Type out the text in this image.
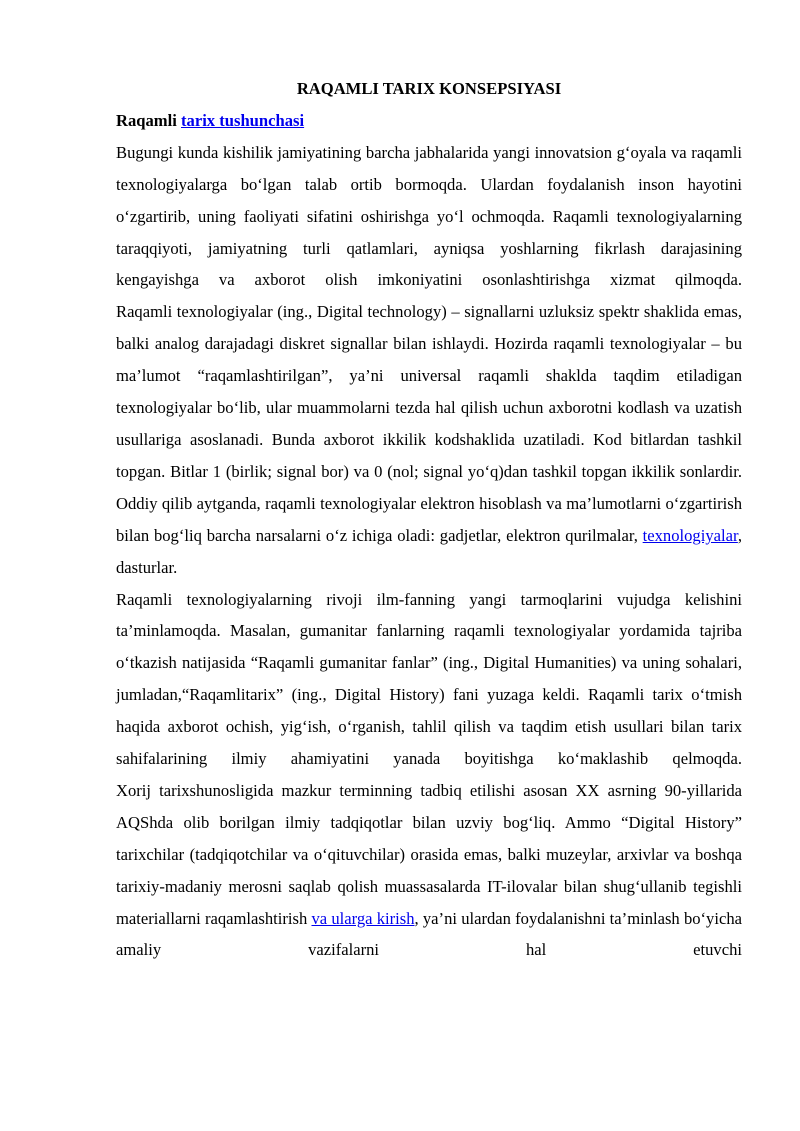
RAQAMLI TARIX KONSEPSIYASI
Raqamli tarix tushunchasi

Bugungi kunda kishilik jamiyatining barcha jabhalarida yangi innovatsion g‘oyala va raqamli texnologiyalarga bo‘lgan talab ortib bormoqda. Ulardan foydalanish inson hayotini o‘zgartirib, uning faoliyati sifatini oshirishga yo‘l ochmoqda. Raqamli texnologiyalarning taraqqiyoti, jamiyatning turli qatlamlari, ayniqsa yoshlarning fikrlash darajasining kengayishga va axborot olish imkoniyatini osonlashtirishga xizmat qilmoqda.

Raqamli texnologiyalar (ing., Digital technology) – signallarni uzluksiz spektr shaklida emas, balki analog darajadagi diskret signallar bilan ishlaydi. Hozirda raqamli texnologiyalar – bu ma’lumot “raqamlashtirilgan”, ya’ni universal raqamli shaklda taqdim etiladigan texnologiyalar bo‘lib, ular muammolarni tezda hal qilish uchun axborotni kodlash va uzatish usullariga asoslanadi. Bunda axborot ikkilik kodshaklida uzatiladi. Kod bitlardan tashkil topgan. Bitlar 1 (birlik; signal bor) va 0 (nol; signal yo‘q)dan tashkil topgan ikkilik sonlardir. Oddiy qilib aytganda, raqamli texnologiyalar elektron hisoblash va ma’lumotlarni o‘zgartirish bilan bog‘liq barcha narsalarni o‘z ichiga oladi: gadjetlar, elektron qurilmalar, texnologiyalar, dasturlar.

Raqamli texnologiyalarning rivoji ilm-fanning yangi tarmoqlarini vujudga kelishini ta’minlamoqda. Masalan, gumanitar fanlarning raqamli texnologiyalar yordamida tajriba o‘tkazish natijasida “Raqamli gumanitar fanlar” (ing., Digital Humanities) va uning sohalari, jumladan,“Raqamlitarix” (ing., Digital History) fani yuzaga keldi. Raqamli tarix o‘tmish haqida axborot ochish, yig‘ish, o‘rganish, tahlil qilish va taqdim etish usullari bilan tarix sahifalarining ilmiy ahamiyatini yanada boyitishga ko‘maklashib qelmoqda.

Xorij tarixshunosligida mazkur terminning tadbiq etilishi asosan XX asrning 90-yillarida AQShda olib borilgan ilmiy tadqiqotlar bilan uzviy bog‘liq. Ammo “Digital History” tarixchilar (tadqiqotchilar va o‘qituvchilar) orasida emas, balki muzeylar, arxivlar va boshqa tarixiy-madaniy merosni saqlab qolish muassasalarda IT-ilovalar bilan shug‘ullanib tegishli materiallarni raqamlashtirish va ularga kirish, ya’ni ulardan foydalanishni ta’minlash bo‘yicha amaliy vazifalarni hal etuvchi
